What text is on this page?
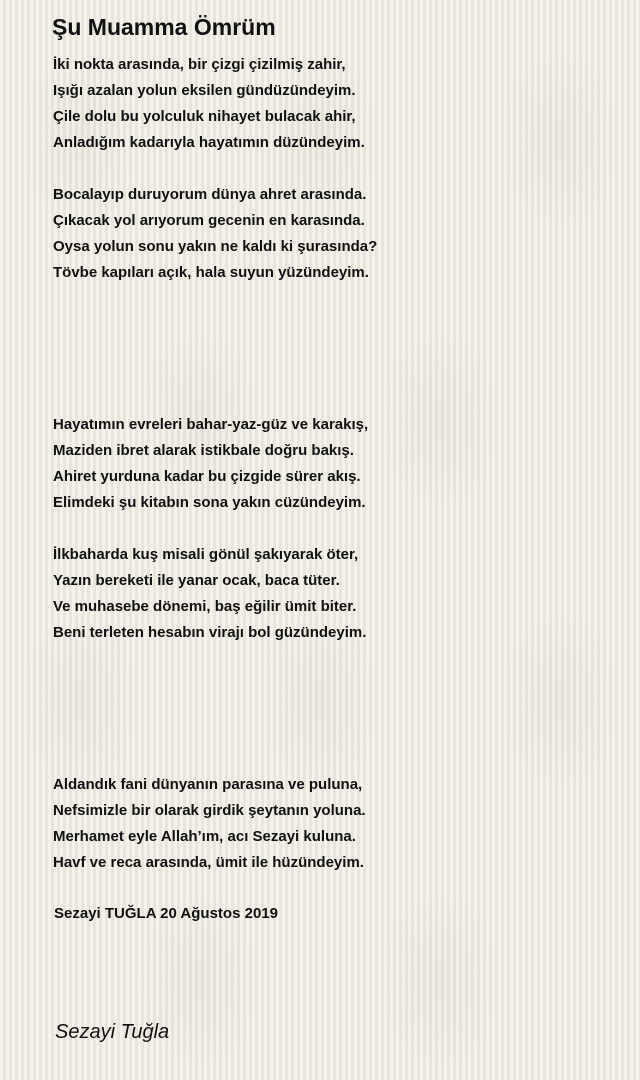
Şu Muamma Ömrüm
İki nokta arasında, bir çizgi çizilmiş zahir,
Işığı azalan yolun eksilen gündüzündeyim.
Çile dolu bu yolculuk nihayet bulacak ahir,
Anladığım kadarıyla hayatımın düzündeyim.
Bocalayıp duruyorum dünya ahret arasında.
Çıkacak yol arıyorum gecenin en karasında.
Oysa yolun sonu yakın ne kaldı ki şurasında?
Tövbe kapıları açık, hala suyun yüzündeyim.
Hayatımın evreleri bahar-yaz-güz ve karakış,
Maziden ibret alarak istikbale doğru bakış.
Ahiret yurduna kadar bu çizgide sürer akış.
Elimdeki şu kitabın sona yakın cüzündeyim.
İlkbaharda kuş misali gönül şakıyarak öter,
Yazın bereketi ile yanar ocak, baca tüter.
Ve muhasebe dönemi, baş eğilir ümit biter.
Beni terleten hesabın virajı bol güzündeyim.
Aldandık fani dünyanın parasına ve puluna,
Nefsimizle bir olarak girdik şeytanın yoluna.
Merhamet eyle Allah’ım, acı Sezayi kuluna.
Havf ve reca arasında, ümit ile hüzündeyim.
Sezayi TUĞLA 20 Ağustos 2019
Sezayi Tuğla
